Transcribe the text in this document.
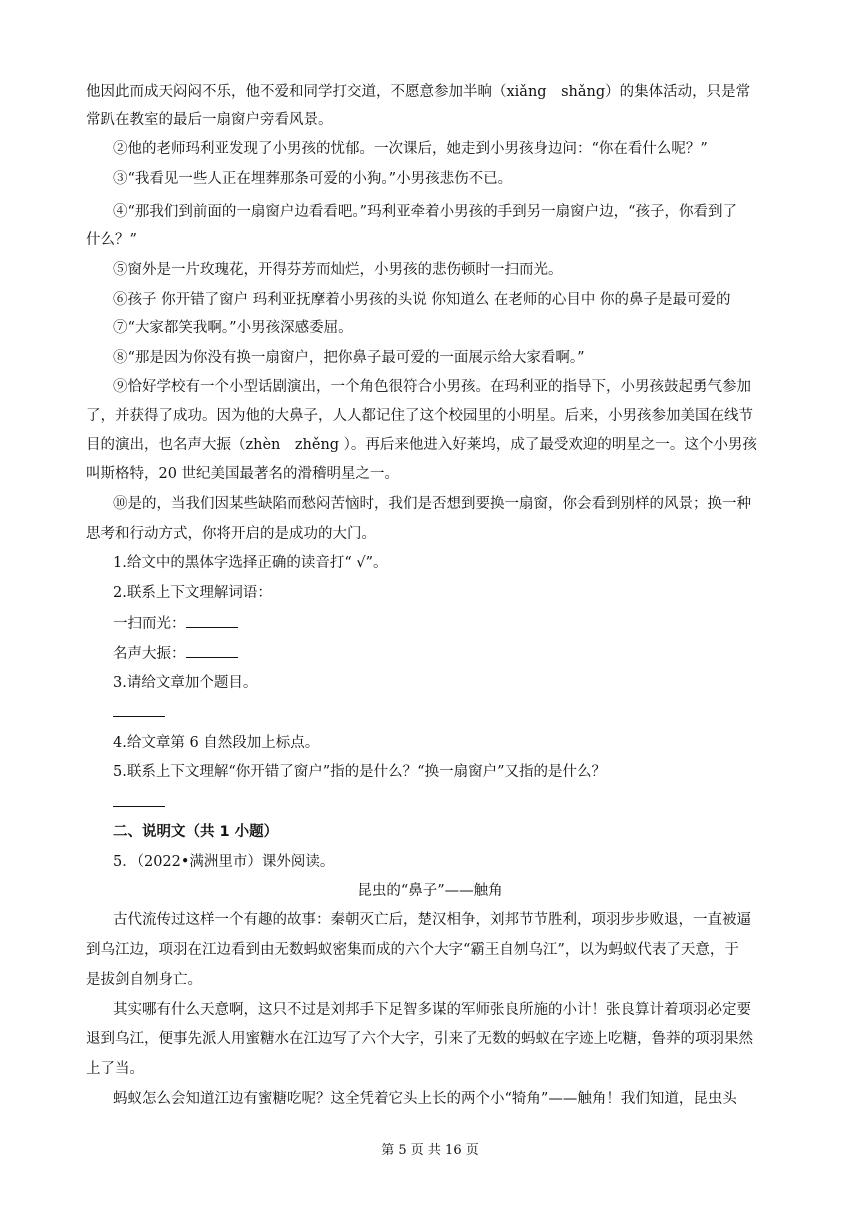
他因此而成天闷闷不乐，他不爱和同学打交道，不愿意参加半晌（xiǎng　shǎng）的集体活动，只是常
常趴在教室的最后一扇窗户旁看风景。
②他的老师玛利亚发现了小男孩的忧郁。一次课后，她走到小男孩身边问：“你在看什么呢？”
③“我看见一些人正在埋葬那条可爱的小狗。”小男孩悲伤不已。
④“那我们到前面的一扇窗户边看看吧。”玛利亚牵着小男孩的手到另一扇窗户边，“孩子，你看到了
什么？”
⑤窗外是一片玫瑰花，开得芬芳而灿烂，小男孩的悲伤顿时一扫而光。
⑥孩子 你开错了窗户 玛利亚抚摩着小男孩的头说 你知道么 在老师的心目中 你的鼻子是最可爱的
⑦“大家都笑我啊。”小男孩深感委屈。
⑧“那是因为你没有换一扇窗户，把你鼻子最可爱的一面展示给大家看啊。”
⑨恰好学校有一个小型话剧演出，一个角色很符合小男孩。在玛利亚的指导下，小男孩鼓起勇气参加
了，并获得了成功。因为他的大鼻子，人人都记住了这个校园里的小明星。后来，小男孩参加美国在线节
目的演出，也名声大振（zhèn　zhěng ）。再后来他进入好莱坞，成了最受欢迎的明星之一。这个小男孩
叫斯格特，20 世纪美国最著名的滑稽明星之一。
⑩是的，当我们因某些缺陷而愁闷苦恼时，我们是否想到要换一扇窗，你会看到别样的风景；换一种
思考和行动方式，你将开启的是成功的大门。
1.给文中的黑体字选择正确的读音打“ √”。
2.联系上下文理解词语：
一扫而光：
名声大振：
3.请给文章加个题目。
4.给文章第 6 自然段加上标点。
5.联系上下文理解“你开错了窗户”指的是什么？“换一扇窗户”又指的是什么？
二、说明文（共 1 小题）
5．（2022•满洲里市）课外阅读。
昆虫的“鼻子”——触角
古代流传过这样一个有趣的故事：秦朝灭亡后，楚汉相争，刘邦节节胜利，项羽步步败退，一直被逼
到乌江边，项羽在江边看到由无数蚂蚁密集而成的六个大字“霸王自刎乌江”，以为蚂蚁代表了天意，于
是拔剑自刎身亡。
其实哪有什么天意啊，这只不过是刘邦手下足智多谋的军师张良所施的小计！张良算计着项羽必定要
退到乌江，便事先派人用蜜糖水在江边写了六个大字，引来了无数的蚂蚁在字迹上吃糖，鲁莽的项羽果然
上了当。
蚂蚁怎么会知道江边有蜜糖吃呢？这全凭着它头上长的两个小“犄角”——触角！我们知道，昆虫头
第 5 页 共 16 页
